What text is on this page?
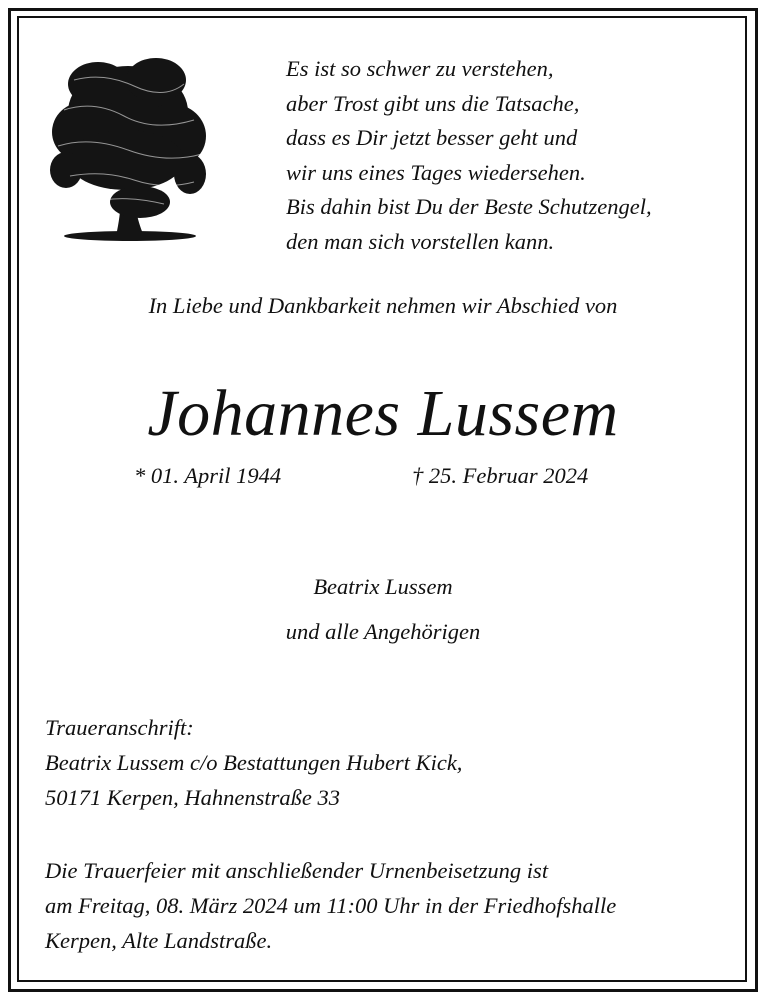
Es ist so schwer zu verstehen,
aber Trost gibt uns die Tatsache,
dass es Dir jetzt besser geht und
wir uns eines Tages wiedersehen.
Bis dahin bist Du der Beste Schutzengel,
den man sich vorstellen kann.
In Liebe und Dankbarkeit nehmen wir Abschied von
Johannes Lussem
* 01. April 1944	† 25. Februar 2024
Beatrix Lussem
und alle Angehörigen
Traueranschrift:
Beatrix Lussem c/o Bestattungen Hubert Kick,
50171 Kerpen, Hahnenstraße 33
Die Trauerfeier mit anschließender Urnenbeisetzung ist
am Freitag, 08. März 2024 um 11:00 Uhr in der Friedhofshalle
Kerpen, Alte Landstraße.
